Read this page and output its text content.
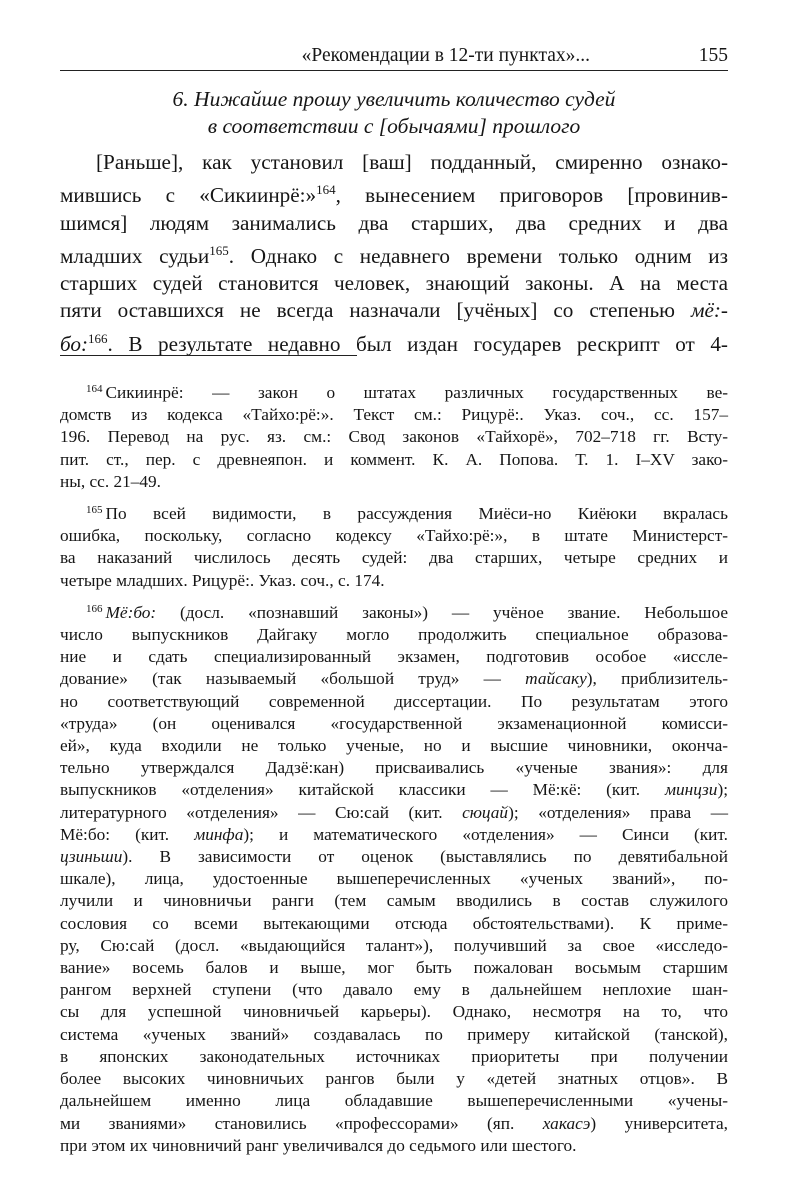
«Рекомендации в 12-ти пунктах»...	155
6. Нижайше прошу увеличить количество судей
в соответствии с [обычаями] прошлого
[Раньше], как установил [ваш] подданный, смиренно ознако-
мившись с «Сикиинрё:»$^{164}$, вынесением приговоров [провинив-
шимся] людям занимались два старших, два средних и два
младших судьи$^{165}$. Однако с недавнего времени только одним из
старших судей становится человек, знающий законы. А на места
пяти оставшихся не всегда назначали [учёных] со степенью мё:-
бо:$^{166}$. В результате недавно был издан государев рескрипт от 4-
$^{164}$ Сикиинрё: — закон о штатах различных государственных ве-
домств из кодекса «Тайхо:рё:». Текст см.: Рицурё:. Указ. соч., сс. 157–
196. Перевод на рус. яз. см.: Свод законов «Тайхорё», 702–718 гг. Всту-
пит. ст., пер. с древнеяпон. и коммент. К. А. Попова. Т. 1. I–XV зако-
ны, сс. 21–49.
$^{165}$ По всей видимости, в рассуждения Миёси-но Киёюки вкралась
ошибка, поскольку, согласно кодексу «Тайхо:рё:», в штате Министерст-
ва наказаний числилось десять судей: два старших, четыре средних и
четыре младших. Рицурё:. Указ. соч., с. 174.
$^{166}$ Мё:бо: (досл. «познавший законы») — учёное звание. Небольшое
число выпускников Дайгаку могло продолжить специальное образова-
ние и сдать специализированный экзамен, подготовив особое «иссле-
дование» (так называемый «большой труд» — тайсаку), приблизитель-
но соответствующий современной диссертации. По результатам этого
«труда» (он оценивался «государственной экзаменационной комисси-
ей», куда входили не только ученые, но и высшие чиновники, оконча-
тельно утверждался Дадзё:кан) присваивались «ученые звания»: для
выпускников «отделения» китайской классики — Мё:кё: (кит. минцзи);
литературного «отделения» — Сю:сай (кит. сюцай); «отделения» права —
Мё:бо: (кит. минфа); и математического «отделения» — Синси (кит.
цзиньши). В зависимости от оценок (выставлялись по девятибальной
шкале), лица, удостоенные вышеперечисленных «ученых званий», по-
лучили и чиновничьи ранги (тем самым вводились в состав служилого
сословия со всеми вытекающими отсюда обстоятельствами). К приме-
ру, Сю:сай (досл. «выдающийся талант»), получивший за свое «исследо-
вание» восемь балов и выше, мог быть пожалован восьмым старшим
рангом верхней ступени (что давало ему в дальнейшем неплохие шан-
сы для успешной чиновничьей карьеры). Однако, несмотря на то, что
система «ученых званий» создавалась по примеру китайской (танской),
в японских законодательных источниках приоритеты при получении
более высоких чиновничьих рангов были у «детей знатных отцов». В
дальнейшем именно лица обладавшие вышеперечисленными «учены-
ми званиями» становились «профессорами» (яп. хакасэ) университета,
при этом их чиновничий ранг увеличивался до седьмого или шестого.
